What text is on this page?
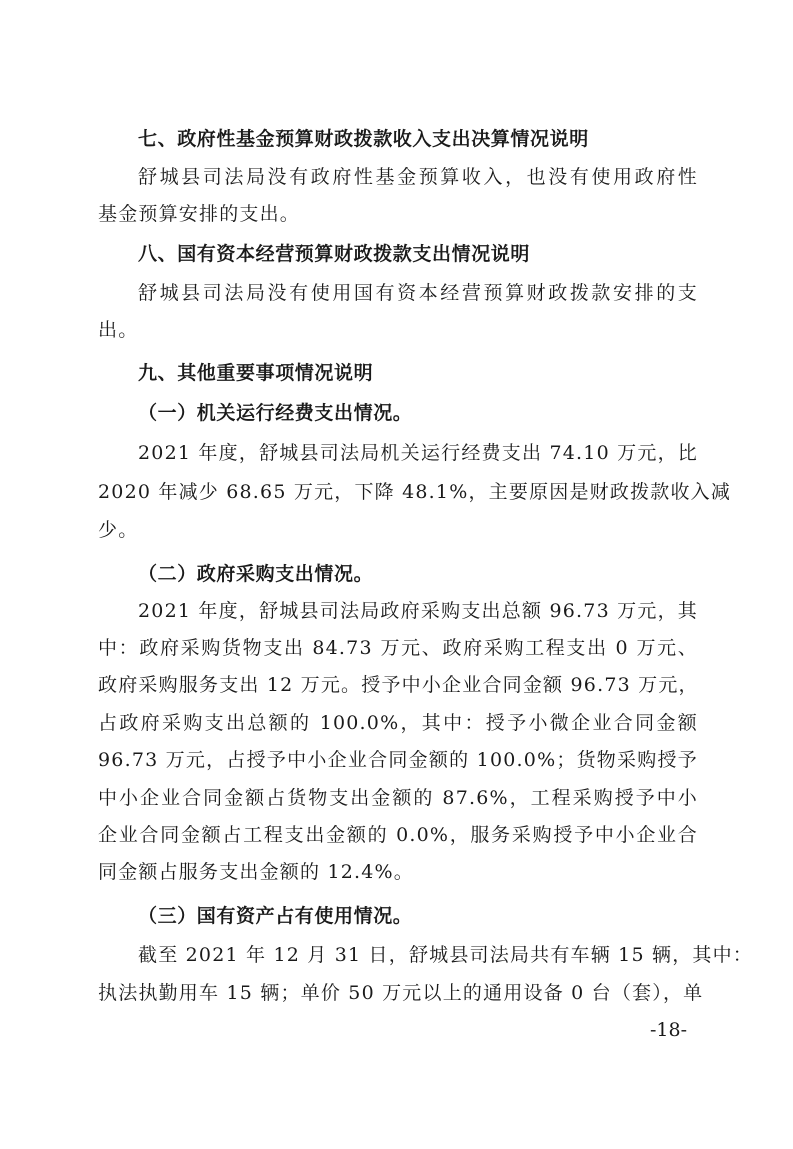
七、政府性基金预算财政拨款收入支出决算情况说明
舒城县司法局没有政府性基金预算收入，也没有使用政府性
基金预算安排的支出。
八、国有资本经营预算财政拨款支出情况说明
舒城县司法局没有使用国有资本经营预算财政拨款安排的支
出。
九、其他重要事项情况说明
（一）机关运行经费支出情况。
2021 年度，舒城县司法局机关运行经费支出 74.10 万元，比
2020 年减少 68.65 万元，下降 48.1%，主要原因是财政拨款收入减
少。
（二）政府采购支出情况。
2021 年度，舒城县司法局政府采购支出总额 96.73 万元，其
中：政府采购货物支出 84.73 万元、政府采购工程支出 0 万元、
政府采购服务支出 12 万元。授予中小企业合同金额 96.73 万元，
占政府采购支出总额的 100.0%，其中：授予小微企业合同金额
96.73 万元，占授予中小企业合同金额的 100.0%；货物采购授予
中小企业合同金额占货物支出金额的 87.6%，工程采购授予中小
企业合同金额占工程支出金额的 0.0%，服务采购授予中小企业合
同金额占服务支出金额的 12.4%。
（三）国有资产占有使用情况。
截至 2021 年 12 月 31 日，舒城县司法局共有车辆 15 辆，其中：
执法执勤用车 15 辆；单价 50 万元以上的通用设备 0 台（套），单
-18-
